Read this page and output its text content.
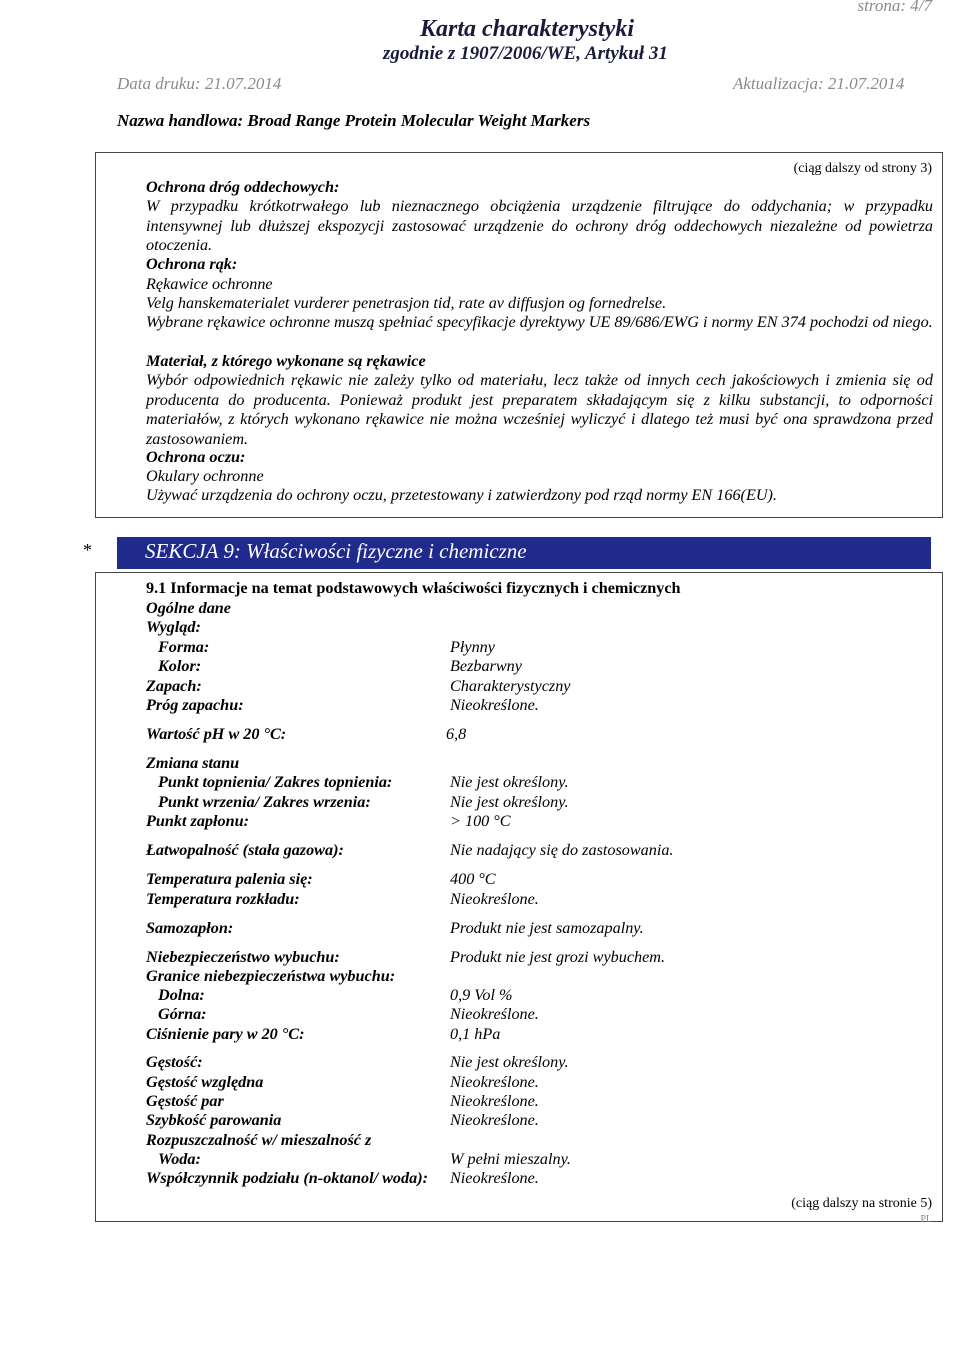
strona: 4/7
Karta charakterystyki
zgodnie z 1907/2006/WE, Artykuł 31
Data druku: 21.07.2014	Aktualizacja: 21.07.2014
Nazwa handlowa: Broad Range Protein Molecular Weight Markers
(ciąg dalszy od strony 3)
Ochrona dróg oddechowych:
W przypadku krótkotrwałego lub nieznacznego obciążenia urządzenie filtrujące do oddychania; w przypadku intensywnej lub dłuższej ekspozycji zastosować urządzenie do ochrony dróg oddechowych niezależne od powietrza otoczenia.
Ochrona rąk:
Rękawice ochronne
Velg hanskematerialet vurderer penetrasjon tid, rate av diffusjon og fornedrelse.
Wybrane rękawice ochronne muszą spełniać specyfikacje dyrektywy UE 89/686/EWG i normy EN 374 pochodzi od niego.
Materiał, z którego wykonane są rękawice
Wybór odpowiednich rękawic nie zależy tylko od materiału, lecz także od innych cech jakościowych i zmienia się od producenta do producenta. Ponieważ produkt jest preparatem składającym się z kilku substancji, to odporności materiałów, z których wykonano rękawice nie można wcześniej wyliczyć i dlatego też musi być ona sprawdzona przed zastosowaniem.
Ochrona oczu:
Okulary ochronne
Używać urządzenia do ochrony oczu, przetestowany i zatwierdzony pod rząd normy EN 166(EU).
*	SEKCJA 9: Właściwości fizyczne i chemiczne
9.1 Informacje na temat podstawowych właściwości fizycznych i chemicznych
Ogólne dane
Wygląd:
Forma:	Płynny
Kolor:	Bezbarwny
Zapach:	Charakterystyczny
Próg zapachu:	Nieokreślone.
Wartość pH w 20 °C:	6,8
Zmiana stanu
Punkt topnienia/ Zakres topnienia:	Nie jest określony.
Punkt wrzenia/ Zakres wrzenia:	Nie jest określony.
Punkt zapłonu:	> 100 °C
Łatwopalność (stała gazowa):	Nie nadający się do zastosowania.
Temperatura palenia się:	400 °C
Temperatura rozkładu:	Nieokreślone.
Samozapłon:	Produkt nie jest samozapalny.
Niebezpieczeństwo wybuchu:	Produkt nie jest grozi wybuchem.
Granice niebezpieczeństwa wybuchu:
Dolna:	0,9 Vol %
Górna:	Nieokreślone.
Ciśnienie pary w 20 °C:	0,1 hPa
Gęstość:	Nie jest określony.
Gęstość względna	Nieokreślone.
Gęstość par	Nieokreślone.
Szybkość parowania	Nieokreślone.
Rozpuszczalność w/ mieszalność z
Woda:	W pełni mieszalny.
Współczynnik podziału (n-oktanol/ woda): Nieokreślone.
(ciąg dalszy na stronie 5)
PL
